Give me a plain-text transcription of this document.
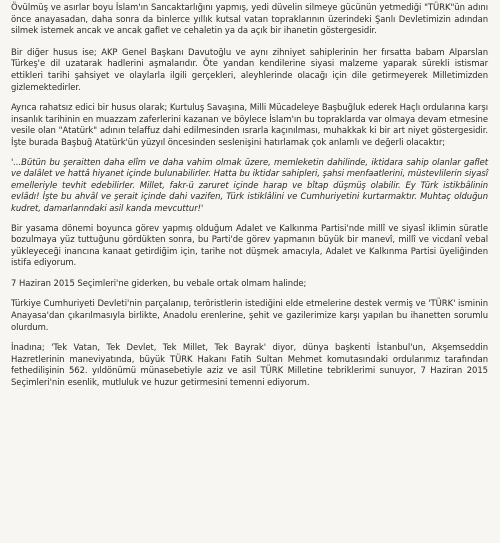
Övülmüş ve asırlar boyu İslam'ın Sancaktarlığını yapmış, yedi düvelin silmeye gücünün yetmediği "TÜRK"ün adını önce anayasadan, daha sonra da binlerce yıllık kutsal vatan topraklarının üzerindeki Şanlı Devletimizin adından silmek istemek ancak ve ancak gaflet ve cehaletin ya da açık bir ihanetin göstergesidir.

Bir diğer husus ise; AKP Genel Başkanı Davutoğlu ve aynı zihniyet sahiplerinin her fırsatta babam Alparslan Türkeş'e dil uzatarak hadlerini aşmalarıdır. Öte yandan kendilerine siyasi malzeme yaparak sürekli istismar ettikleri tarihi şahsiyet ve olaylarla ilgili gerçekleri, aleyhlerinde olacağı için dile getirmeyerek Milletimizden gizlemektedirler.

Ayrıca rahatsız edici bir husus olarak; Kurtuluş Savaşına, Milli Mücadeleye Başbuğluk ederek Haçlı ordularına karşı insanlık tarihinin en muazzam zaferlerini kazanan ve böylece İslam'ın bu topraklarda var olmaya devam etmesine vesile olan "Atatürk" adının telaffuz dahi edilmesinden ısrarla kaçınılması, muhakkak ki bir art niyet göstergesidir. İşte burada Başbuğ Atatürk'ün yüzyıl öncesinden seslenişini hatırlamak çok anlamlı ve değerli olacaktır;

'...Bütün bu şeraitten daha elîm ve daha vahim olmak üzere, memleketin dahilinde, iktidara sahip olanlar gaflet ve dalâlet ve hattâ hiyanet içinde bulunabilirler. Hatta bu iktidar sahipleri, şahsi menfaatlerini, müstevlilerin siyasî emelleriyle tevhit edebilirler. Millet, fakr-ü zaruret içinde harap ve bîtap düşmüş olabilir. Ey Türk istikbâlinin evlâdı! İşte bu ahvâl ve şerait içinde dahi vazifen, Türk istiklâlini ve Cumhuriyetini kurtarmaktır. Muhtaç olduğun kudret, damarlarındaki asil kanda mevcuttur!'

Bir yasama dönemi boyunca görev yapmış olduğum Adalet ve Kalkınma Partisi'nde millî ve siyasî iklimin süratle bozulmaya yüz tuttuğunu gördükten sonra, bu Parti'de görev yapmanın büyük bir manevî, millî ve vicdanî vebal yükleyeceği inancına kanaat getirdiğim için, tarihe not düşmek amacıyla, Adalet ve Kalkınma Partisi üyeliğinden istifa ediyorum.

7 Haziran 2015 Seçimleri'ne giderken, bu vebale ortak olmam halinde;

Türkiye Cumhuriyeti Devleti'nin parçalanıp, teröristlerin istediğini elde etmelerine destek vermiş ve 'TÜRK' isminin Anayasa'dan çıkarılmasıyla birlikte, Anadolu erenlerine, şehit ve gazilerimize karşı yapılan bu ihanetten sorumlu olurdum.

İnadına; 'Tek Vatan, Tek Devlet, Tek Millet, Tek Bayrak' diyor, dünya başkenti İstanbul'un, Akşemseddin Hazretlerinin maneviyatında, büyük TÜRK Hakanı Fatih Sultan Mehmet komutasındaki ordularımız tarafından fethedilişinin 562. yıldönümü münasebetiyle aziz ve asil TÜRK Milletine tebriklerimi sunuyor, 7 Haziran 2015 Seçimleri'nin esenlik, mutluluk ve huzur getirmesini temenni ediyorum.
